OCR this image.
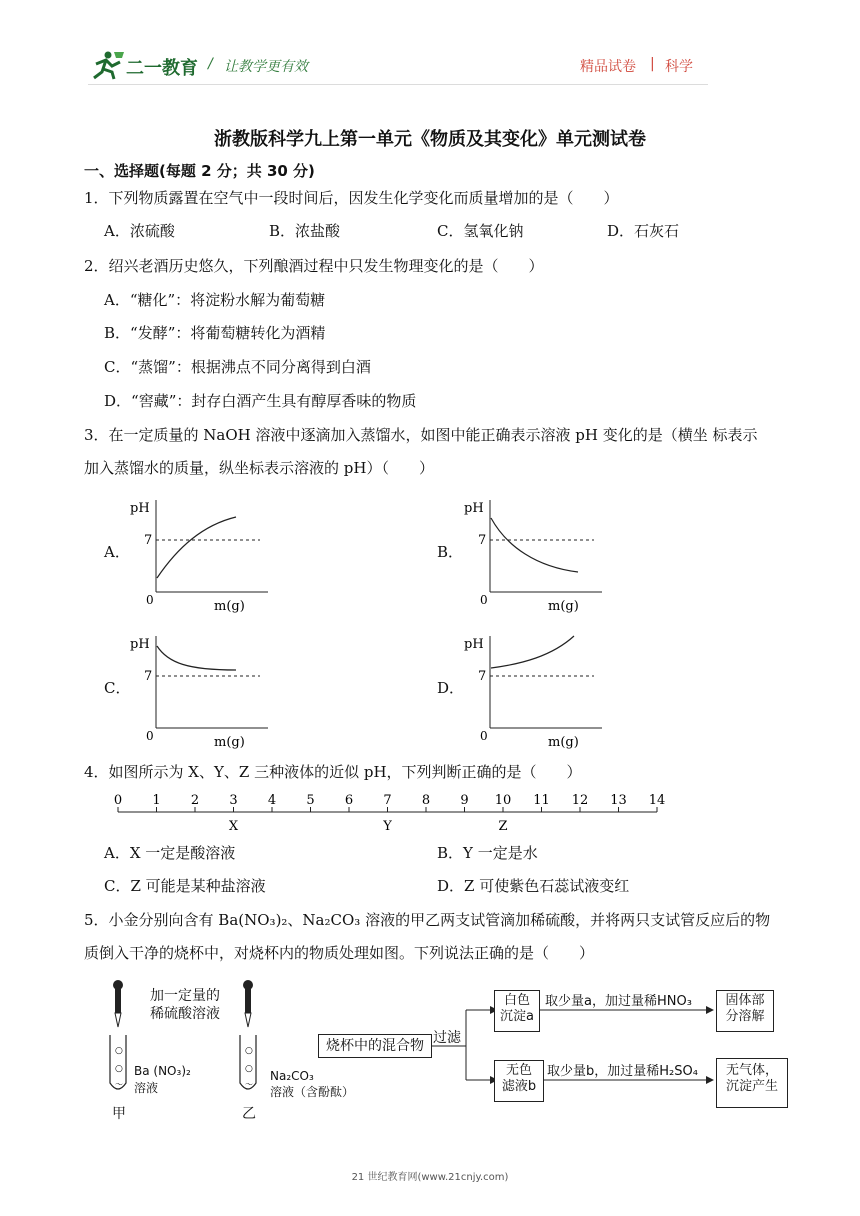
二一教育 / 让教学更有效	精品试卷 | 科学
浙教版科学九上第一单元《物质及其变化》单元测试卷
一、选择题(每题 2 分；共 30 分)
1．下列物质露置在空气中一段时间后，因发生化学变化而质量增加的是（　　）
A．浓硫酸	B．浓盐酸	C．氢氧化钠	D．石灰石
2．绍兴老酒历史悠久，下列酿酒过程中只发生物理变化的是（　　）
A．“糖化”：将淀粉水解为葡萄糖
B．“发酵”：将葡萄糖转化为酒精
C．“蒸馏”：根据沸点不同分离得到白酒
D．“窖藏”：封存白酒产生具有醇厚香味的物质
3．在一定质量的 NaOH 溶液中逐滴加入蒸馏水，如图中能正确表示溶液 pH 变化的是（横坐 标表示
加入蒸馏水的质量，纵坐标表示溶液的 pH）（　　）
A．	B．
C．	D．
pH
7
0	m(g)
pH
7
0	m(g)
pH
7
0	m(g)
pH
7
0	m(g)
4．如图所示为 X、Y、Z 三种液体的近似 pH，下列判断正确的是（　　）
0 1 2 3 4 5 6 7 8 9 10 11 12 13 14
X	Y	Z
A．X 一定是酸溶液	B．Y 一定是水
C．Z 可能是某种盐溶液	D．Z 可使紫色石蕊试液变红
5．小金分别向含有 Ba(NO₃)₂、Na₂CO₃ 溶液的甲乙两支试管滴加稀硫酸，并将两只支试管反应后的物
质倒入干净的烧杯中，对烧杯内的物质处理如图。下列说法正确的是（　　）
○
○
～
○
○
～
加一定量的
稀硫酸溶液
Ba (NO₃)₂
溶液
甲
Na₂CO₃
溶液（含酚酞）
乙
烧杯中的混合物 过滤
白色
沉淀a
取少量a，加过量稀HNO₃	固体部
分溶解
无色
滤液b
取少量b，加过量稀H₂SO₄	无气体，
沉淀产生
21 世纪教育网(www.21cnjy.com)
